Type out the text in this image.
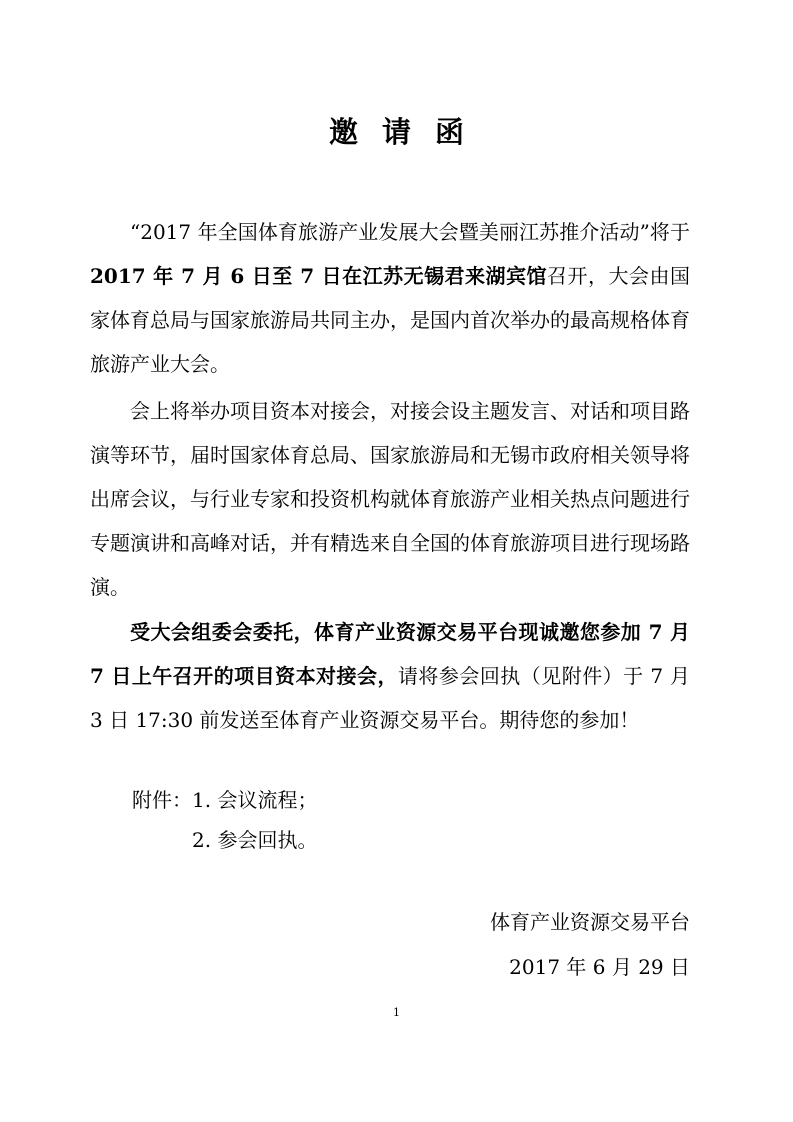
邀请函

“2017 年全国体育旅游产业发展大会暨美丽江苏推介活动”将于2017 年 7 月 6 日至 7 日在江苏无锡君来湖宾馆召开，大会由国家体育总局与国家旅游局共同主办，是国内首次举办的最高规格体育旅游产业大会。

会上将举办项目资本对接会，对接会设主题发言、对话和项目路演等环节，届时国家体育总局、国家旅游局和无锡市政府相关领导将出席会议，与行业专家和投资机构就体育旅游产业相关热点问题进行专题演讲和高峰对话，并有精选来自全国的体育旅游项目进行现场路演。

受大会组委会委托，体育产业资源交易平台现诚邀您参加 7 月 7 日上午召开的项目资本对接会，请将参会回执（见附件）于 7 月 3 日 17:30 前发送至体育产业资源交易平台。期待您的参加！

附件：1. 会议流程；
2. 参会回执。
体育产业资源交易平台
2017 年 6 月 29 日
1
